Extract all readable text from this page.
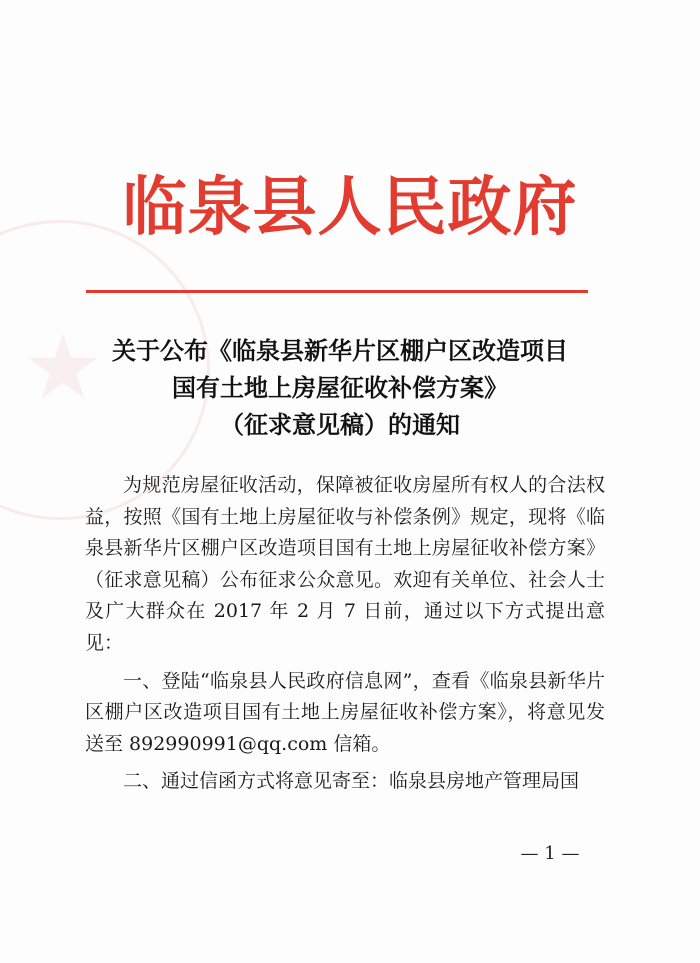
★
临泉县人民政府
关于公布《临泉县新华片区棚户区改造项目
国有土地上房屋征收补偿方案》
（征求意见稿）的通知

为规范房屋征收活动，保障被征收房屋所有权人的合法权益，按照《国有土地上房屋征收与补偿条例》规定，现将《临泉县新华片区棚户区改造项目国有土地上房屋征收补偿方案》（征求意见稿）公布征求公众意见。欢迎有关单位、社会人士及广大群众在 2017 年 2 月 7 日前，通过以下方式提出意见：

一、登陆“临泉县人民政府信息网”，查看《临泉县新华片区棚户区改造项目国有土地上房屋征收补偿方案》，将意见发送至 892990991@qq.com 信箱。

二、通过信函方式将意见寄至：临泉县房地产管理局国

— 1 —
